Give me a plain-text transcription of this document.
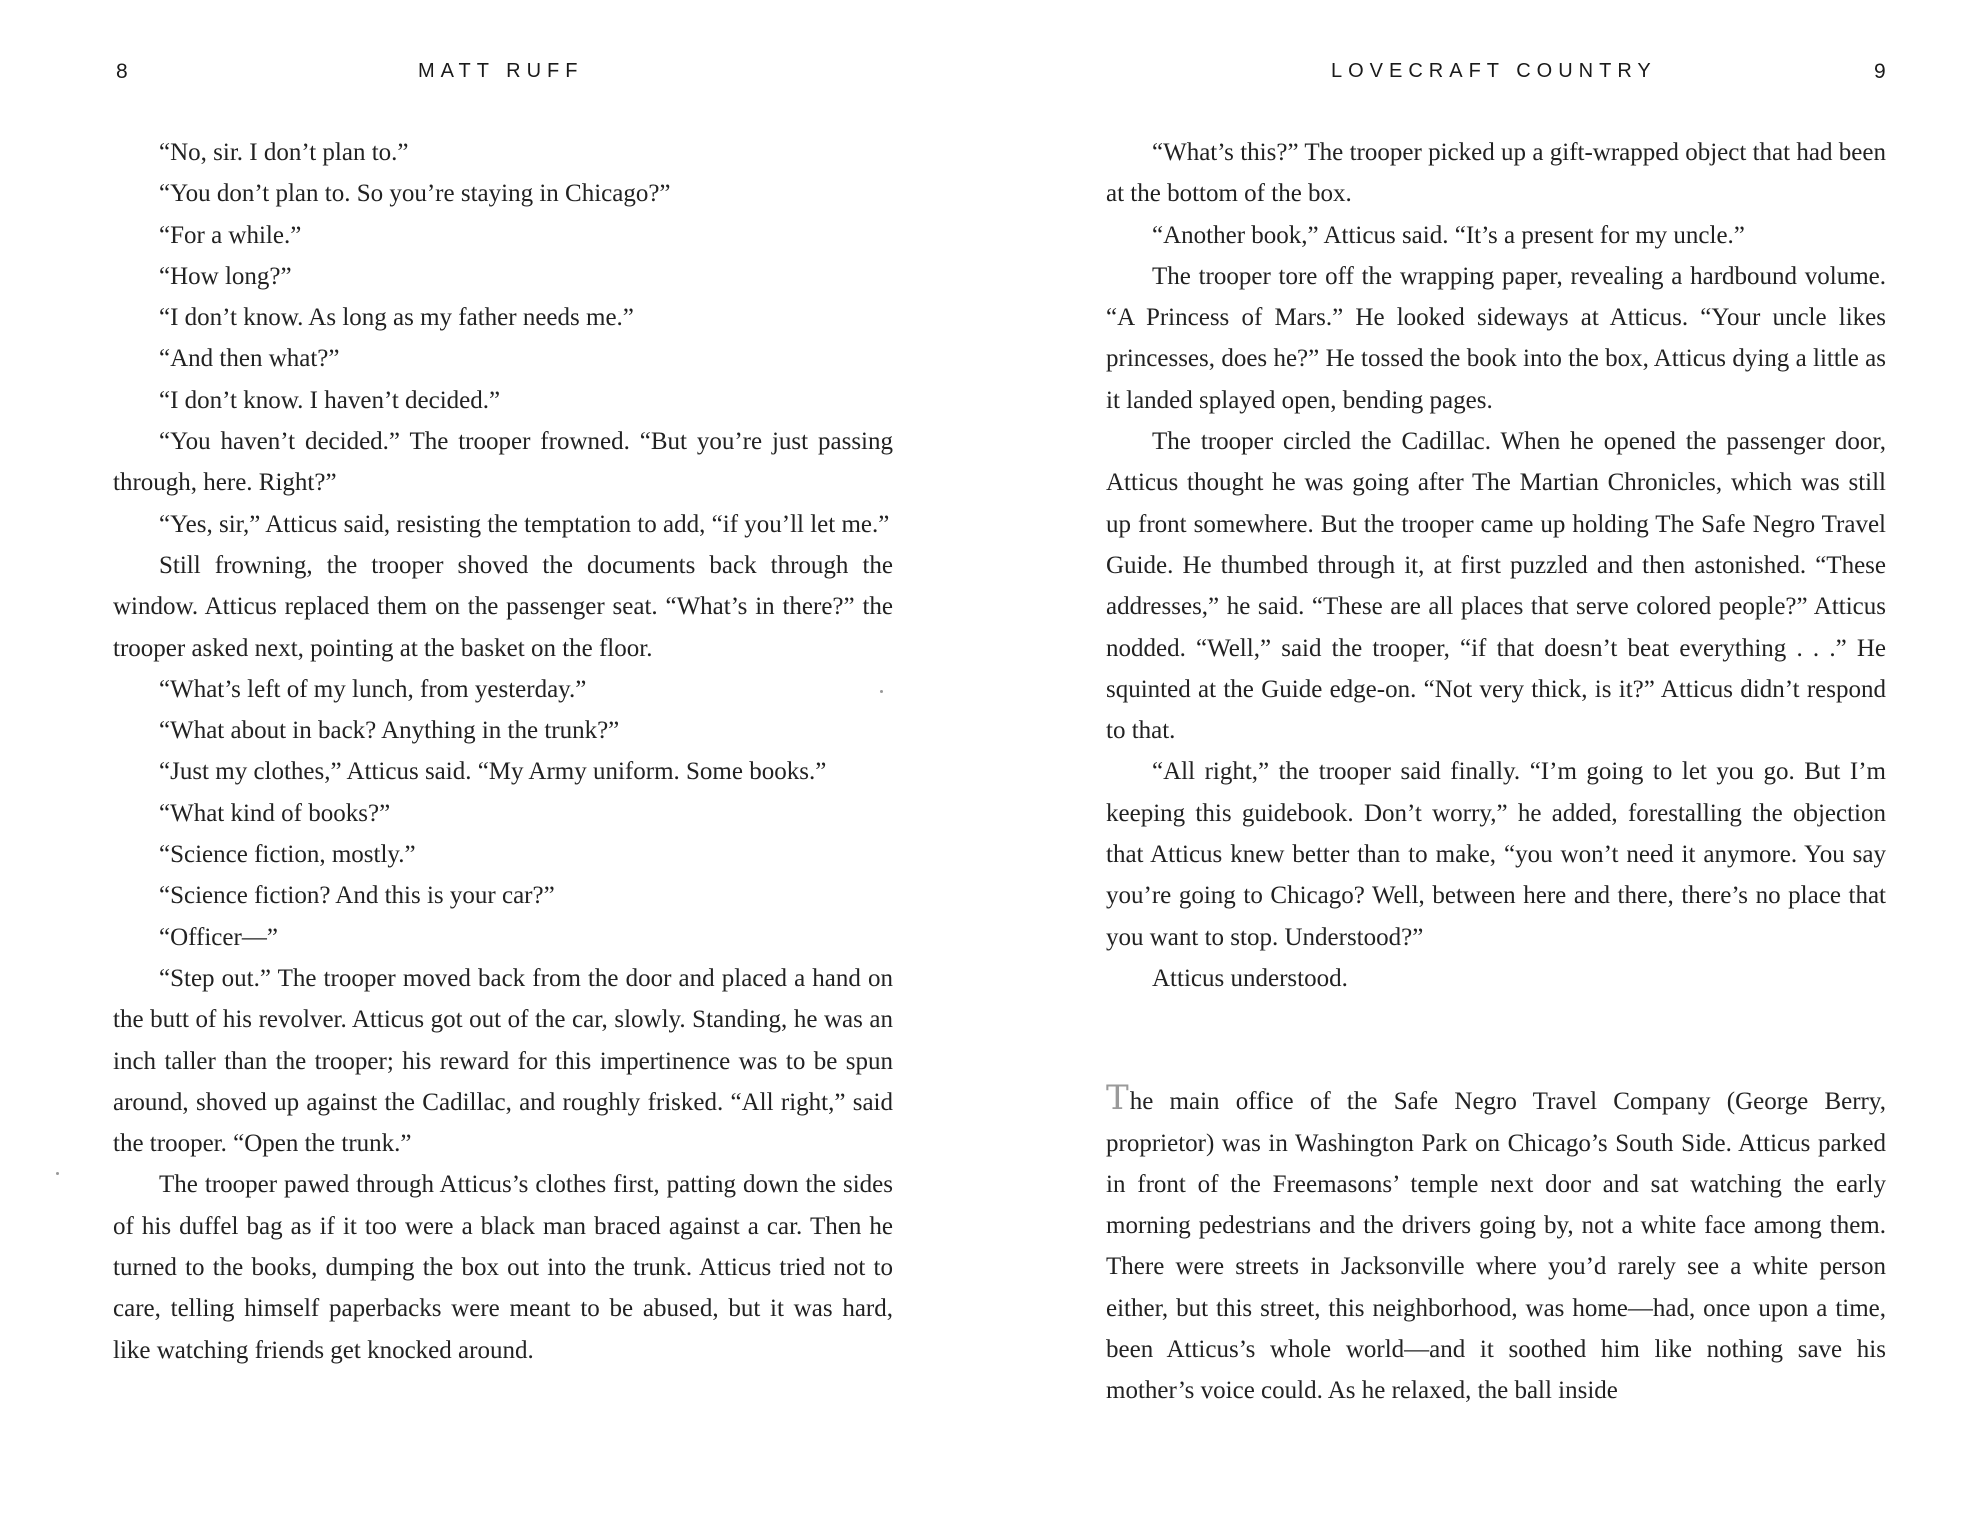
8	MATT RUFF

“No, sir. I don’t plan to.”

“You don’t plan to. So you’re staying in Chicago?”

“For a while.”

“How long?”

“I don’t know. As long as my father needs me.”

“And then what?”

“I don’t know. I haven’t decided.”

“You haven’t decided.” The trooper frowned. “But you’re just passing through, here. Right?”

“Yes, sir,” Atticus said, resisting the temptation to add, “if you’ll let me.”

Still frowning, the trooper shoved the documents back through the window. Atticus replaced them on the passenger seat. “What’s in there?” the trooper asked next, pointing at the basket on the floor.

“What’s left of my lunch, from yesterday.”

“What about in back? Anything in the trunk?”

“Just my clothes,” Atticus said. “My Army uniform. Some books.”

“What kind of books?”

“Science fiction, mostly.”

“Science fiction? And this is your car?”

“Officer—”

“Step out.” The trooper moved back from the door and placed a hand on the butt of his revolver. Atticus got out of the car, slowly. Standing, he was an inch taller than the trooper; his reward for this impertinence was to be spun around, shoved up against the Cadillac, and roughly frisked. “All right,” said the trooper. “Open the trunk.”

The trooper pawed through Atticus’s clothes first, patting down the sides of his duffel bag as if it too were a black man braced against a car. Then he turned to the books, dumping the box out into the trunk. Atticus tried not to care, telling himself paperbacks were meant to be abused, but it was hard, like watching friends get knocked around.

LOVECRAFT COUNTRY	9

“What’s this?” The trooper picked up a gift-wrapped object that had been at the bottom of the box.

“Another book,” Atticus said. “It’s a present for my uncle.”

The trooper tore off the wrapping paper, revealing a hardbound volume. “A Princess of Mars.” He looked sideways at Atticus. “Your uncle likes princesses, does he?” He tossed the book into the box, Atticus dying a little as it landed splayed open, bending pages.

The trooper circled the Cadillac. When he opened the passenger door, Atticus thought he was going after The Martian Chronicles, which was still up front somewhere. But the trooper came up holding The Safe Negro Travel Guide. He thumbed through it, at first puzzled and then astonished. “These addresses,” he said. “These are all places that serve colored people?” Atticus nodded. “Well,” said the trooper, “if that doesn’t beat everything . . .” He squinted at the Guide edge-on. “Not very thick, is it?” Atticus didn’t respond to that.

“All right,” the trooper said finally. “I’m going to let you go. But I’m keeping this guidebook. Don’t worry,” he added, forestalling the objection that Atticus knew better than to make, “you won’t need it anymore. You say you’re going to Chicago? Well, between here and there, there’s no place that you want to stop. Understood?”

Atticus understood.

The main office of the Safe Negro Travel Company (George Berry, proprietor) was in Washington Park on Chicago’s South Side. Atticus parked in front of the Freemasons’ temple next door and sat watching the early morning pedestrians and the drivers going by, not a white face among them. There were streets in Jacksonville where you’d rarely see a white person either, but this street, this neighborhood, was home—had, once upon a time, been Atticus’s whole world—and it soothed him like nothing save his mother’s voice could. As he relaxed, the ball inside
